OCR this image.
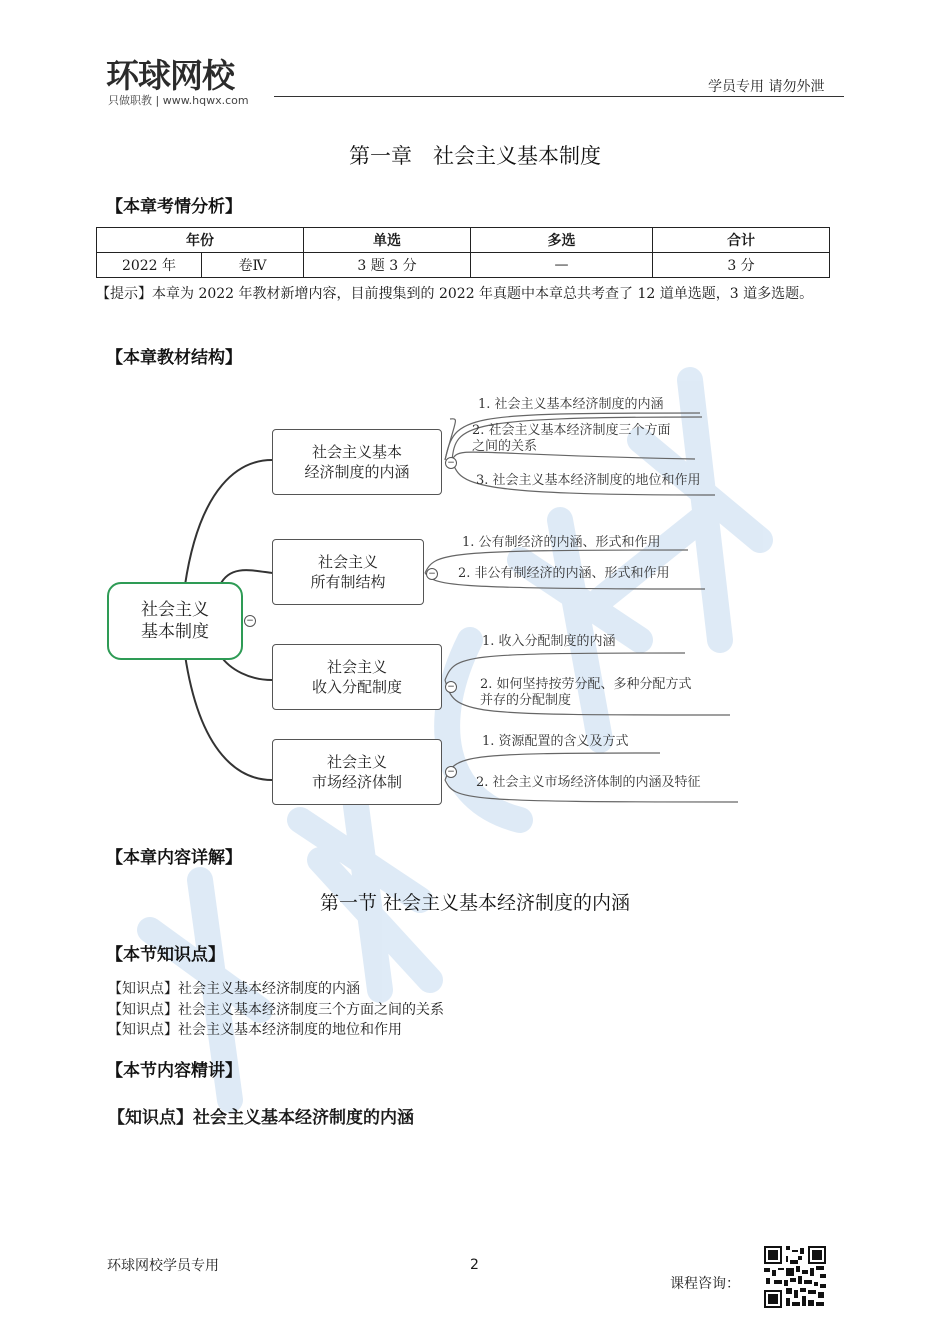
环球网校
只做职教 | www.hqwx.com
学员专用 请勿外泄
第一章　社会主义基本制度
【本章考情分析】
年份		单选	多选	合计
2022 年	卷Ⅳ	3 题 3 分	—	3 分
【提示】本章为 2022 年教材新增内容，目前搜集到的 2022 年真题中本章总共考查了 12 道单选题，3 道多选题。
【本章教材结构】
社会主义
基本制度
−
社会主义基本
经济制度的内涵	−
社会主义
所有制结构	−
社会主义
收入分配制度	−
社会主义
市场经济体制
−
1. 社会主义基本经济制度的内涵
2. 社会主义基本经济制度三个方面
之间的关系
3. 社会主义基本经济制度的地位和作用
1. 公有制经济的内涵、形式和作用
2. 非公有制经济的内涵、形式和作用
1. 收入分配制度的内涵
2. 如何坚持按劳分配、多种分配方式
并存的分配制度
1. 资源配置的含义及方式
2. 社会主义市场经济体制的内涵及特征
【本章内容详解】
第一节 社会主义基本经济制度的内涵
【本节知识点】
【知识点】社会主义基本经济制度的内涵
【知识点】社会主义基本经济制度三个方面之间的关系
【知识点】社会主义基本经济制度的地位和作用
【本节内容精讲】
【知识点】社会主义基本经济制度的内涵
环球网校学员专用	2
课程咨询：
